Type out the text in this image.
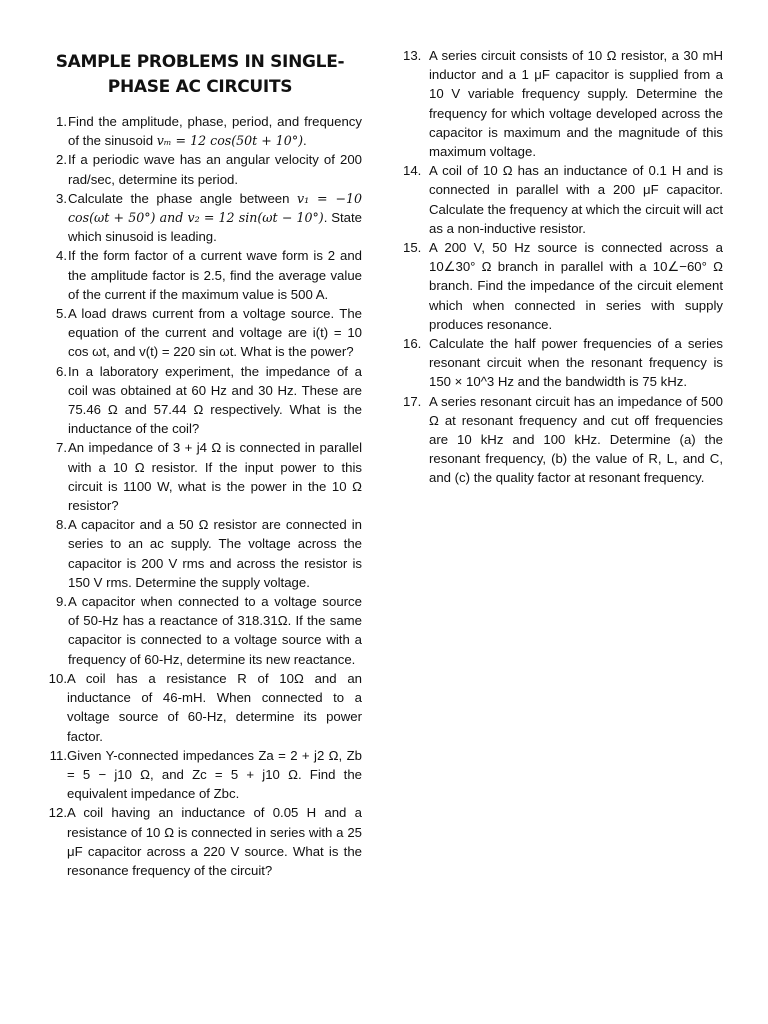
SAMPLE PROBLEMS IN SINGLE-
PHASE AC CIRCUITS
1. Find the amplitude, phase, period, and frequency of the sinusoid vₘ = 12 cos(50t + 10°).
2. If a periodic wave has an angular velocity of 200 rad/sec, determine its period.
3. Calculate the phase angle between v₁ = −10 cos(ωt + 50°) and v₂ = 12 sin(ωt − 10°). State which sinusoid is leading.
4. If the form factor of a current wave form is 2 and the amplitude factor is 2.5, find the average value of the current if the maximum value is 500 A.
5. A load draws current from a voltage source. The equation of the current and voltage are i(t) = 10 cos ωt, and v(t) = 220 sin ωt. What is the power?
6. In a laboratory experiment, the impedance of a coil was obtained at 60 Hz and 30 Hz. These are 75.46 Ω and 57.44 Ω respectively. What is the inductance of the coil?
7. An impedance of 3 + j4 Ω is connected in parallel with a 10 Ω resistor. If the input power to this circuit is 1100 W, what is the power in the 10 Ω resistor?
8. A capacitor and a 50 Ω resistor are connected in series to an ac supply. The voltage across the capacitor is 200 V rms and across the resistor is 150 V rms. Determine the supply voltage.
9. A capacitor when connected to a voltage source of 50-Hz has a reactance of 318.31Ω. If the same capacitor is connected to a voltage source with a frequency of 60-Hz, determine its new reactance.
10. A coil has a resistance R of 10Ω and an inductance of 46-mH. When connected to a voltage source of 60-Hz, determine its power factor.
11. Given Y-connected impedances Za = 2 + j2 Ω, Zb = 5 − j10 Ω, and Zc = 5 + j10 Ω. Find the equivalent impedance of Zbc.
12. A coil having an inductance of 0.05 H and a resistance of 10 Ω is connected in series with a 25 μF capacitor across a 220 V source. What is the resonance frequency of the circuit?
13. A series circuit consists of 10 Ω resistor, a 30 mH inductor and a 1 μF capacitor is supplied from a 10 V variable frequency supply. Determine the frequency for which voltage developed across the capacitor is maximum and the magnitude of this maximum voltage.
14. A coil of 10 Ω has an inductance of 0.1 H and is connected in parallel with a 200 μF capacitor. Calculate the frequency at which the circuit will act as a non-inductive resistor.
15. A 200 V, 50 Hz source is connected across a 10∠30° Ω branch in parallel with a 10∠−60° Ω branch. Find the impedance of the circuit element which when connected in series with supply produces resonance.
16. Calculate the half power frequencies of a series resonant circuit when the resonant frequency is 150 × 10^3 Hz and the bandwidth is 75 kHz.
17. A series resonant circuit has an impedance of 500 Ω at resonant frequency and cut off frequencies are 10 kHz and 100 kHz. Determine (a) the resonant frequency, (b) the value of R, L, and C, and (c) the quality factor at resonant frequency.
